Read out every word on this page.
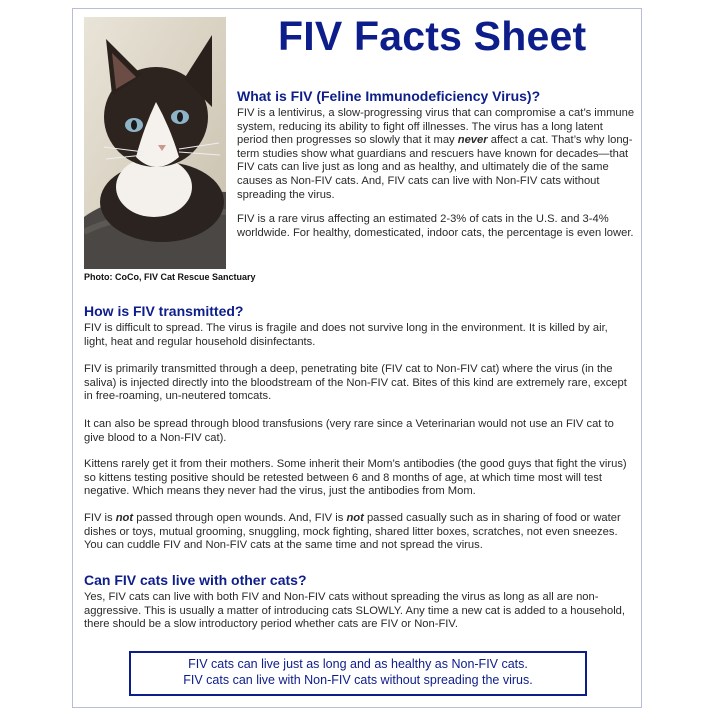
Photo: CoCo, FIV Cat Rescue Sanctuary
FIV Facts Sheet
What is FIV (Feline Immunodeficiency Virus)?

FIV is a lentivirus, a slow-progressing virus that can compromise a cat’s immune system, reducing its ability to fight off illnesses. The virus has a long latent period then progresses so slowly that it may never affect a cat. That’s why long-term studies show what guardians and rescuers have known for decades—that FIV cats can live just as long and as healthy, and ultimately die of the same causes as Non-FIV cats. And, FIV cats can live with Non-FIV cats without spreading the virus.

FIV is a rare virus affecting an estimated 2-3% of cats in the U.S. and 3-4% worldwide. For healthy, domesticated, indoor cats, the percentage is even lower.

How is FIV transmitted?

FIV is difficult to spread. The virus is fragile and does not survive long in the environment. It is killed by air, light, heat and regular household disinfectants.

FIV is primarily transmitted through a deep, penetrating bite (FIV cat to Non-FIV cat) where the virus (in the saliva) is injected directly into the bloodstream of the Non-FIV cat. Bites of this kind are extremely rare, except in free-roaming, un-neutered tomcats.

It can also be spread through blood transfusions (very rare since a Veterinarian would not use an FIV cat to give blood to a Non-FIV cat).

Kittens rarely get it from their mothers. Some inherit their Mom’s antibodies (the good guys that fight the virus) so kittens testing positive should be retested between 6 and 8 months of age, at which time most will test negative. Which means they never had the virus, just the antibodies from Mom.

FIV is not passed through open wounds. And, FIV is not passed casually such as in sharing of food or water dishes or toys, mutual grooming, snuggling, mock fighting, shared litter boxes, scratches, not even sneezes. You can cuddle FIV and Non-FIV cats at the same time and not spread the virus.

Can FIV cats live with other cats?

Yes, FIV cats can live with both FIV and Non-FIV cats without spreading the virus as long as all are non-aggressive. This is usually a matter of introducing cats SLOWLY. Any time a new cat is added to a household, there should be a slow introductory period whether cats are FIV or Non-FIV.

FIV cats can live just as long and as healthy as Non-FIV cats.
FIV cats can live with Non-FIV cats without spreading the virus.
